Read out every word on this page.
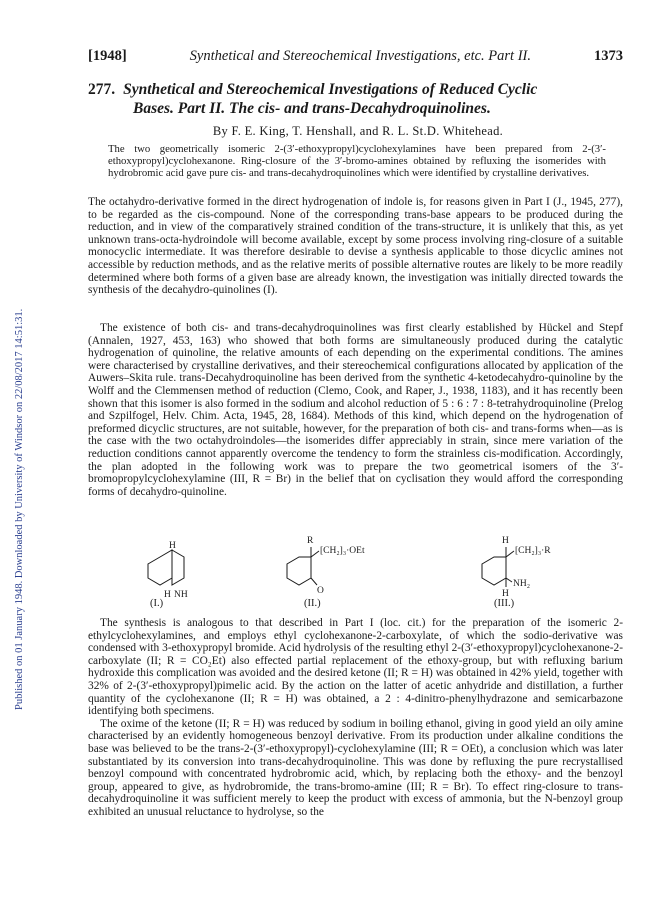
Published on 01 January 1948. Downloaded by University of Windsor on 22/08/2017 14:51:31.
[1948]	Synthetical and Stereochemical Investigations, etc. Part II.	1373
277. Synthetical and Stereochemical Investigations of Reduced Cyclic
Bases. Part II. The cis- and trans-Decahydroquinolines.
By F. E. King, T. Henshall, and R. L. St.D. Whitehead.
The two geometrically isomeric 2-(3′-ethoxypropyl)cyclohexylamines have been prepared from 2-(3′-ethoxypropyl)cyclohexanone. Ring-closure of the 3′-bromo-amines obtained by refluxing the isomerides with hydrobromic acid gave pure cis- and trans-decahydroquinolines which were identified by crystalline derivatives.

The octahydro-derivative formed in the direct hydrogenation of indole is, for reasons given in Part I (J., 1945, 277), to be regarded as the cis-compound. None of the corresponding trans-base appears to be produced during the reduction, and in view of the comparatively strained condition of the trans-structure, it is unlikely that this, as yet unknown trans-octa-hydroindole will become available, except by some process involving ring-closure of a suitable monocyclic intermediate. It was therefore desirable to devise a synthesis applicable to those dicyclic amines not accessible by reduction methods, and as the relative merits of possible alternative routes are likely to be more readily determined where both forms of a given base are already known, the investigation was initially directed towards the synthesis of the decahydro-quinolines (I).

The existence of both cis- and trans-decahydroquinolines was first clearly established by Hückel and Stepf (Annalen, 1927, 453, 163) who showed that both forms are simultaneously produced during the catalytic hydrogenation of quinoline, the relative amounts of each depending on the experimental conditions. The amines were characterised by crystalline derivatives, and their stereochemical configurations allocated by application of the Auwers–Skita rule. trans-Decahydroquinoline has been derived from the synthetic 4-ketodecahydro-quinoline by the Wolff and the Clemmensen method of reduction (Clemo, Cook, and Raper, J., 1938, 1183), and it has recently been shown that this isomer is also formed in the sodium and alcohol reduction of 5 : 6 : 7 : 8-tetrahydroquinoline (Prelog and Szpilfogel, Helv. Chim. Acta, 1945, 28, 1684). Methods of this kind, which depend on the hydrogenation of preformed dicyclic structures, are not suitable, however, for the preparation of both cis- and trans-forms when—as is the case with the two octahydroindoles—the isomerides differ appreciably in strain, since mere variation of the reduction conditions cannot apparently overcome the tendency to form the strainless cis-modification. Accordingly, the plan adopted in the following work was to prepare the two geometrical isomers of the 3′-bromopropylcyclohexylamine (III, R = Br) in the belief that on cyclisation they would afford the corresponding forms of decahydro-quinoline.

H
H NH
(I.)
R
[CH₂]₃·OEt
O
(II.)
H
[CH₂]₃·R
NH₂
H
(III.)

The synthesis is analogous to that described in Part I (loc. cit.) for the preparation of the isomeric 2-ethylcyclohexylamines, and employs ethyl cyclohexanone-2-carboxylate, of which the sodio-derivative was condensed with 3-ethoxypropyl bromide. Acid hydrolysis of the resulting ethyl 2-(3′-ethoxypropyl)cyclohexanone-2-carboxylate (II; R = CO₂Et) also effected partial replacement of the ethoxy-group, but with refluxing barium hydroxide this complication was avoided and the desired ketone (II; R = H) was obtained in 42% yield, together with 32% of 2-(3′-ethoxypropyl)pimelic acid. By the action on the latter of acetic anhydride and distillation, a further quantity of the cyclohexanone (II; R = H) was obtained, a 2 : 4-dinitro-phenylhydrazone and semicarbazone identifying both specimens.

The oxime of the ketone (II; R = H) was reduced by sodium in boiling ethanol, giving in good yield an oily amine characterised by an evidently homogeneous benzoyl derivative. From its production under alkaline conditions the base was believed to be the trans-2-(3′-ethoxypropyl)-cyclohexylamine (III; R = OEt), a conclusion which was later substantiated by its conversion into trans-decahydroquinoline. This was done by refluxing the pure recrystallised benzoyl compound with concentrated hydrobromic acid, which, by replacing both the ethoxy- and the benzoyl group, appeared to give, as hydrobromide, the trans-bromo-amine (III; R = Br). To effect ring-closure to trans-decahydroquinoline it was sufficient merely to keep the product with excess of ammonia, but the N-benzoyl group exhibited an unusual reluctance to hydrolyse, so the
